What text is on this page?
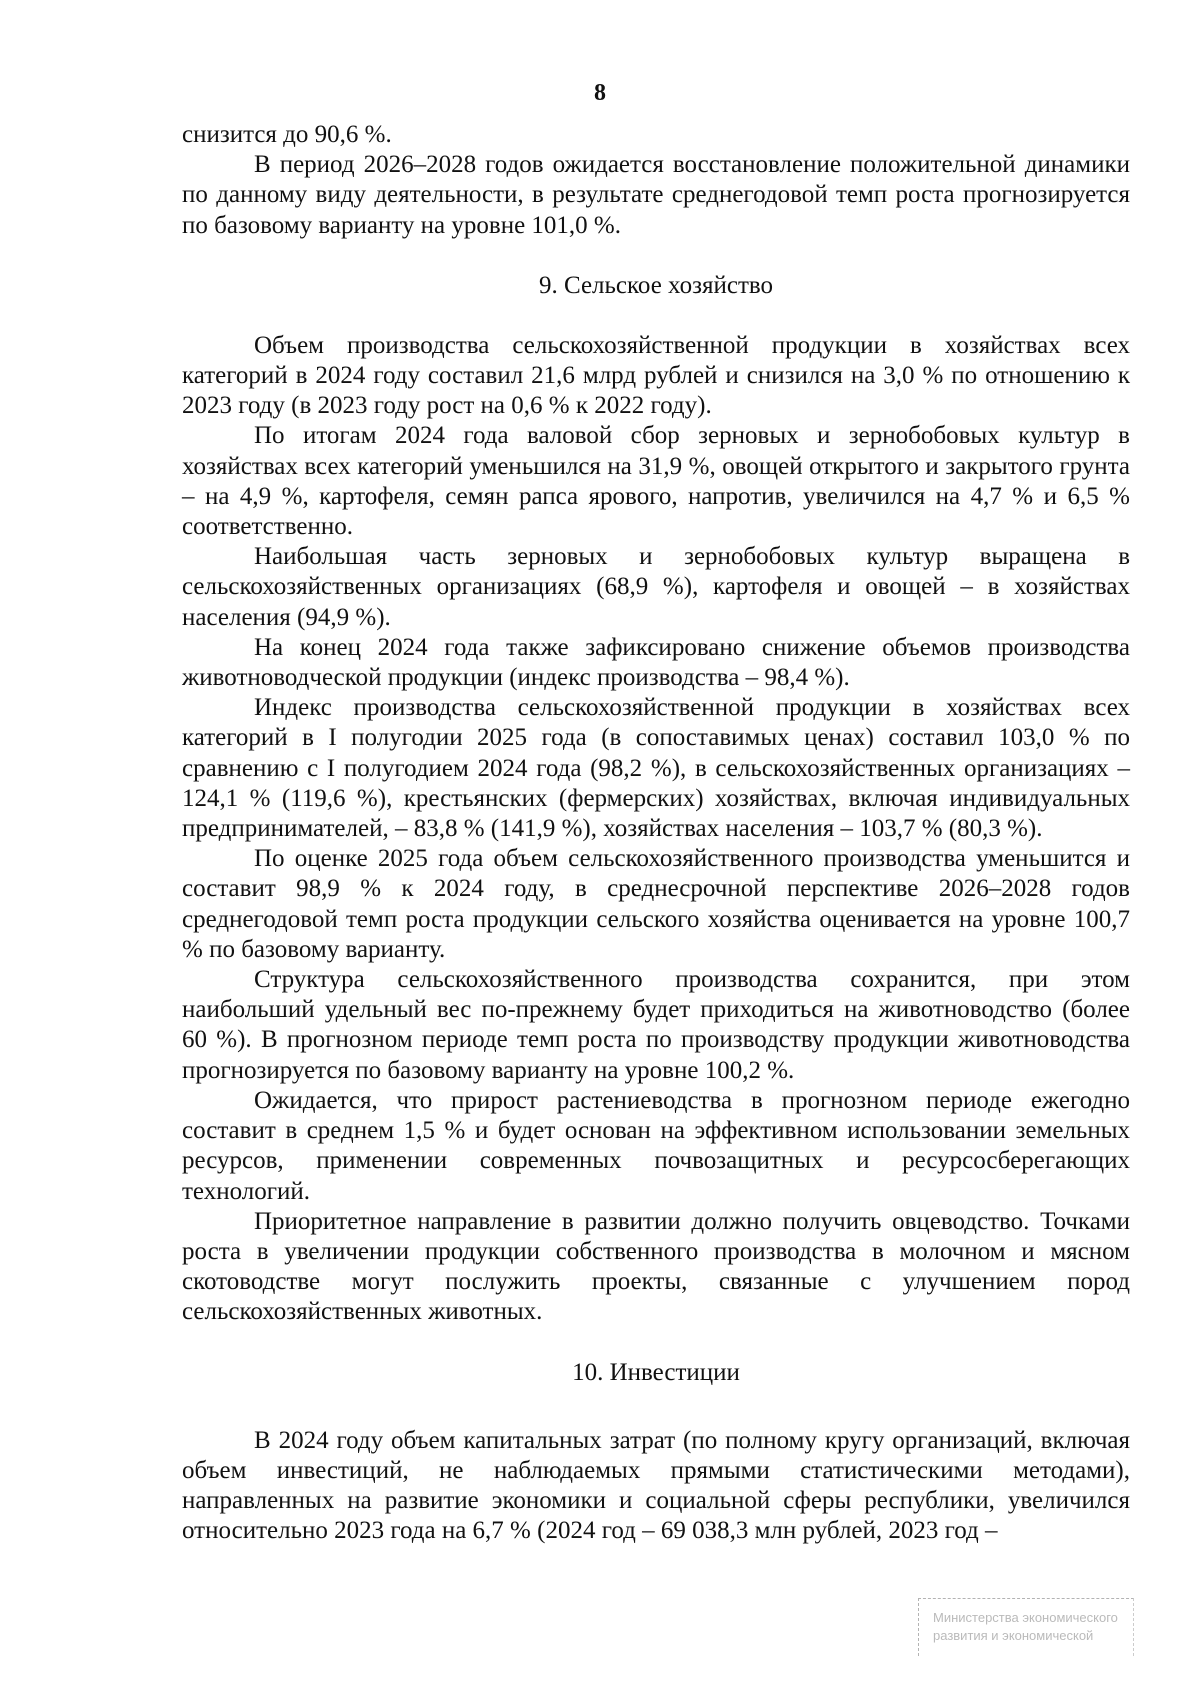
8

снизится до 90,6 %.

В период 2026–2028 годов ожидается восстановление положительной динамики по данному виду деятельности, в результате среднегодовой темп роста прогнозируется по базовому варианту на уровне 101,0 %.

9. Сельское хозяйство

Объем производства сельскохозяйственной продукции в хозяйствах всех категорий в 2024 году составил 21,6 млрд рублей и снизился на 3,0 % по отношению к 2023 году (в 2023 году рост на 0,6 % к 2022 году).

По итогам 2024 года валовой сбор зерновых и зернобобовых культур в хозяйствах всех категорий уменьшился на 31,9 %, овощей открытого и закрытого грунта – на 4,9 %, картофеля, семян рапса ярового, напротив, увеличился на 4,7 % и 6,5 % соответственно.

Наибольшая часть зерновых и зернобобовых культур выращена в сельскохозяйственных организациях (68,9 %), картофеля и овощей – в хозяйствах населения (94,9 %).

На конец 2024 года также зафиксировано снижение объемов производства животноводческой продукции (индекс производства – 98,4 %).

Индекс производства сельскохозяйственной продукции в хозяйствах всех категорий в I полугодии 2025 года (в сопоставимых ценах) составил 103,0 % по сравнению с I полугодием 2024 года (98,2 %), в сельскохозяйственных организациях – 124,1 % (119,6 %), крестьянских (фермерских) хозяйствах, включая индивидуальных предпринимателей, – 83,8 % (141,9 %), хозяйствах населения – 103,7 % (80,3 %).

По оценке 2025 года объем сельскохозяйственного производства уменьшится и составит 98,9 % к 2024 году, в среднесрочной перспективе 2026–2028 годов среднегодовой темп роста продукции сельского хозяйства оценивается на уровне 100,7 % по базовому варианту.

Структура сельскохозяйственного производства сохранится, при этом наибольший удельный вес по-прежнему будет приходиться на животноводство (более 60 %). В прогнозном периоде темп роста по производству продукции животноводства прогнозируется по базовому варианту на уровне 100,2 %.

Ожидается, что прирост растениеводства в прогнозном периоде ежегодно составит в среднем 1,5 % и будет основан на эффективном использовании земельных ресурсов, применении современных почвозащитных и ресурсосберегающих технологий.

Приоритетное направление в развитии должно получить овцеводство. Точками роста в увеличении продукции собственного производства в молочном и мясном скотоводстве могут послужить проекты, связанные с улучшением пород сельскохозяйственных животных.

10. Инвестиции

В 2024 году объем капитальных затрат (по полному кругу организаций, включая объем инвестиций, не наблюдаемых прямыми статистическими методами), направленных на развитие экономики и социальной сферы республики, увеличился относительно 2023 года на 6,7 % (2024 год – 69 038,3 млн рублей, 2023 год –

Министерства экономического
развития и экономической
